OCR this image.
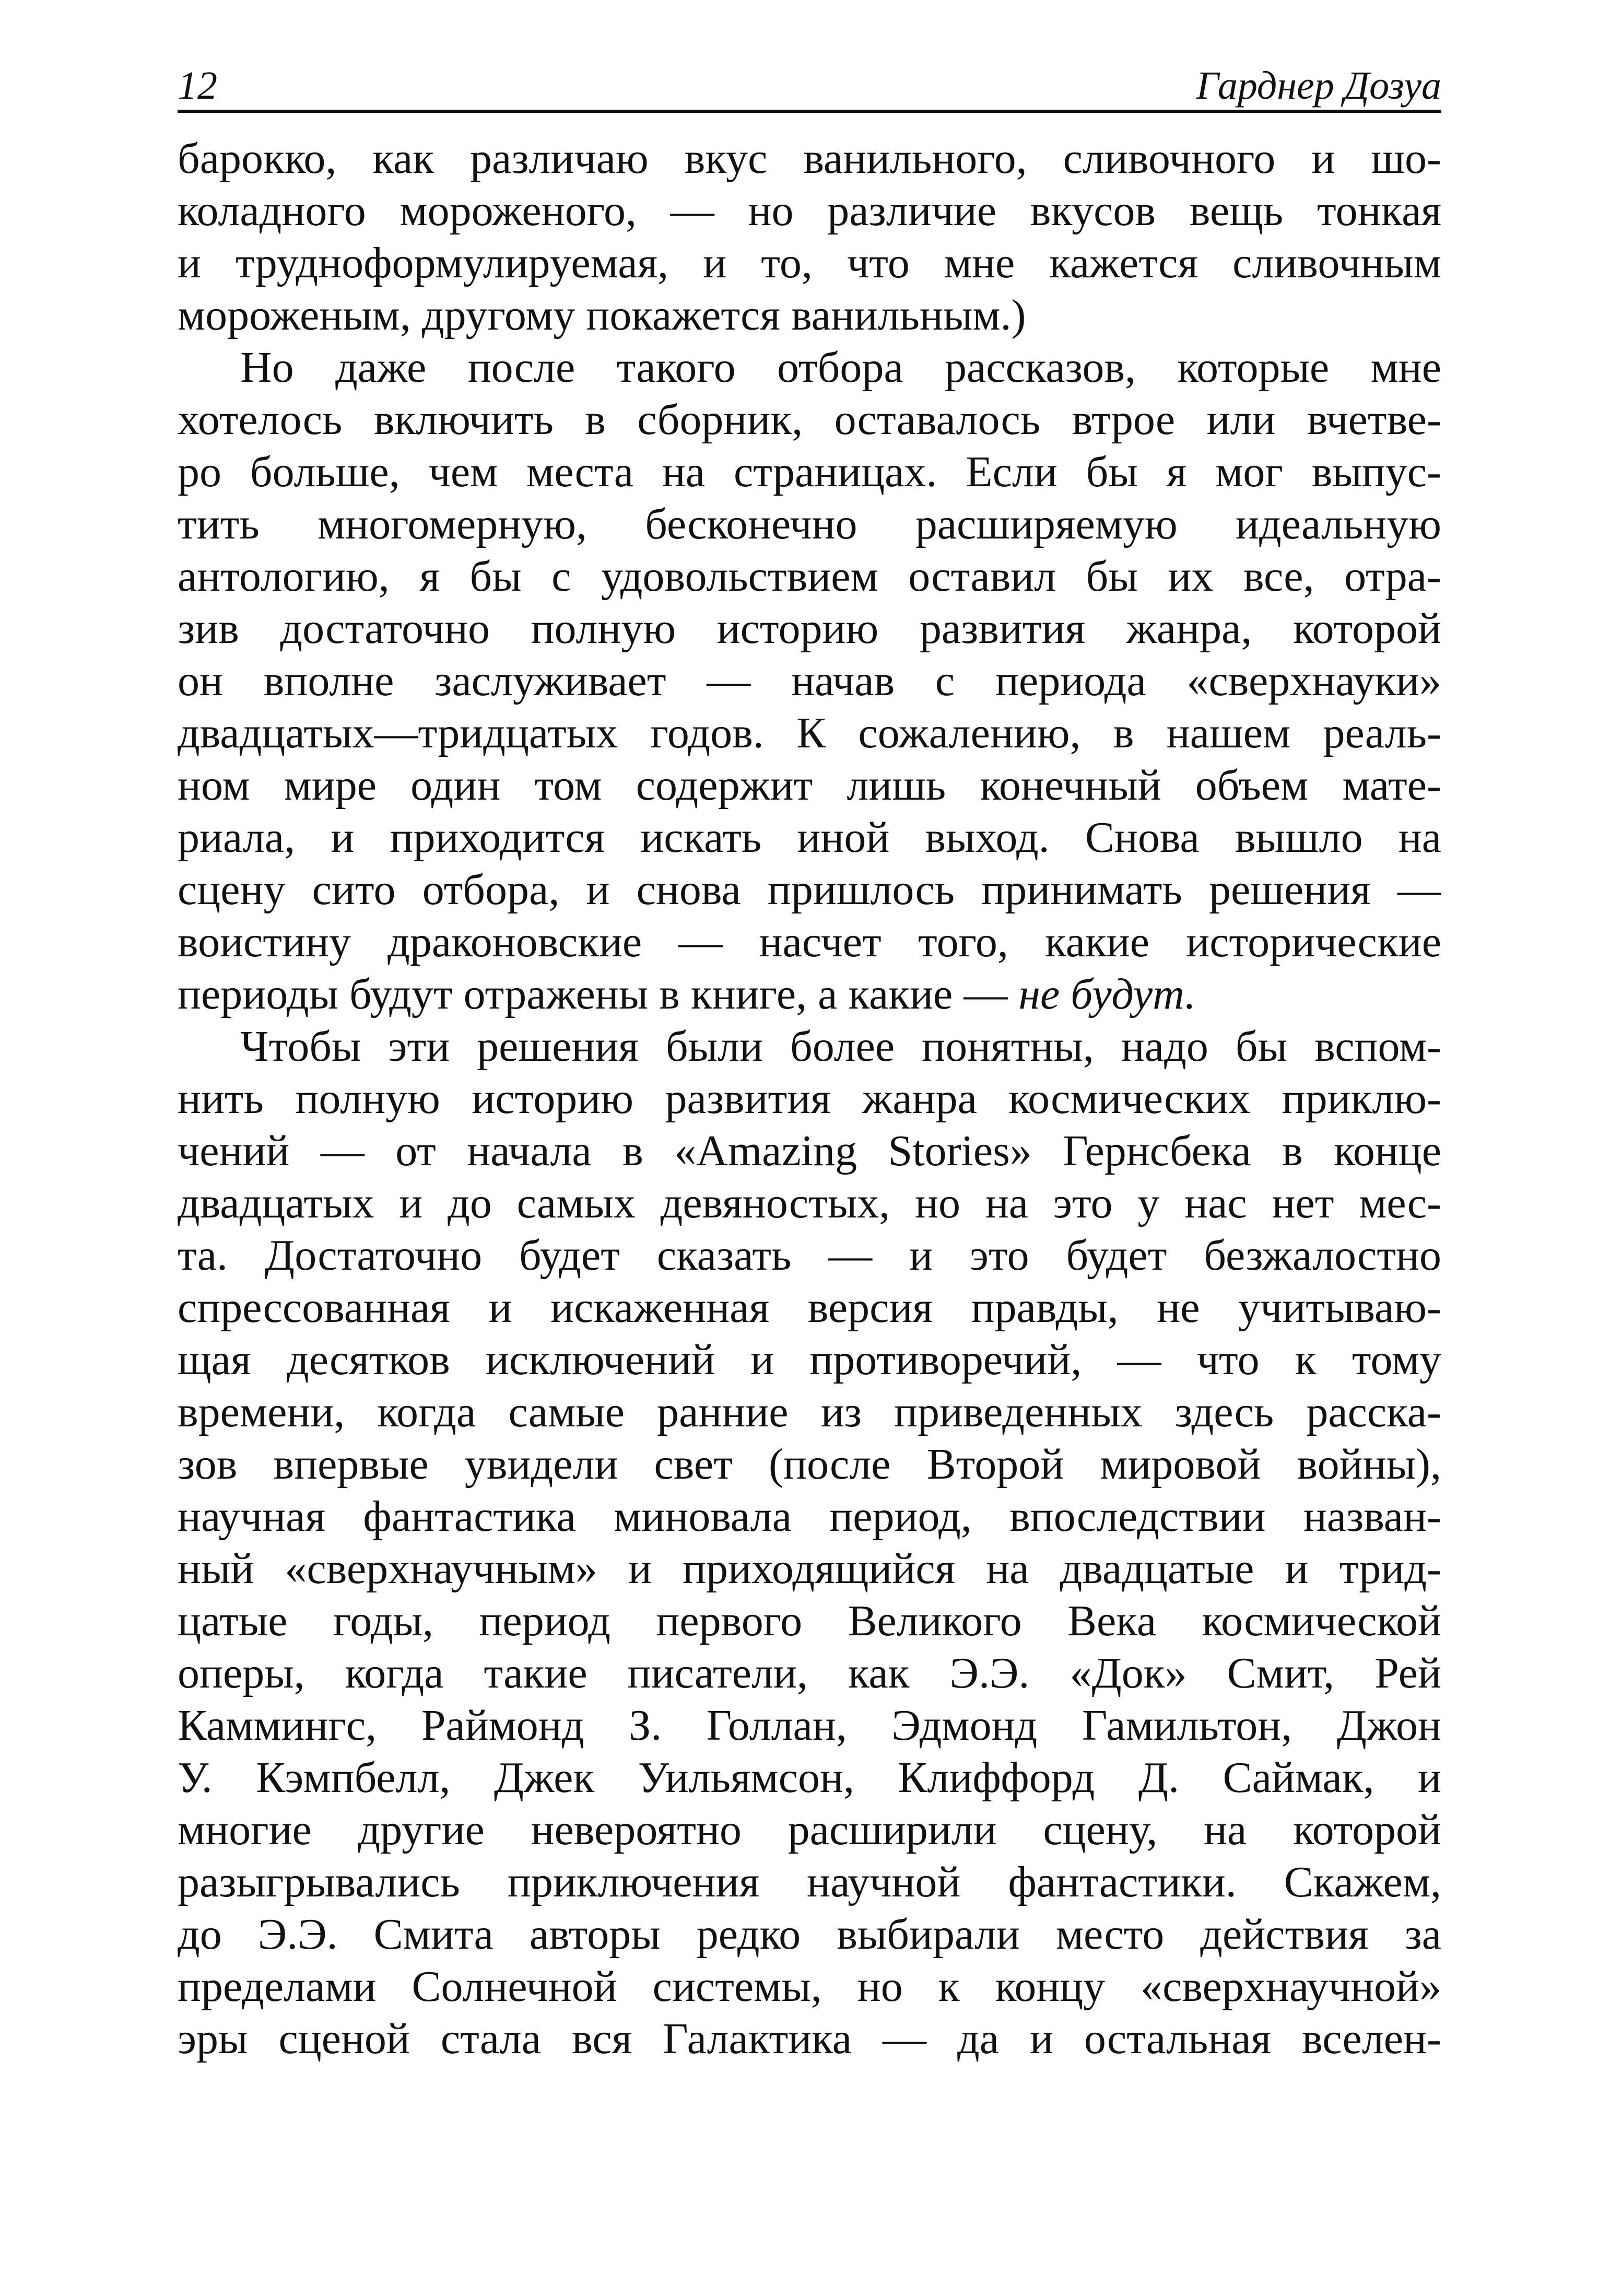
12	Гарднер Дозуа
барокко, как различаю вкус ванильного, сливочного и шо-
коладного мороженого, — но различие вкусов вещь тонкая
и трудноформулируемая, и то, что мне кажется сливочным
мороженым, другому покажется ванильным.)
Но даже после такого отбора рассказов, которые мне
хотелось включить в сборник, оставалось втрое или вчетве-
ро больше, чем места на страницах. Если бы я мог выпус-
тить многомерную, бесконечно расширяемую идеальную
антологию, я бы с удовольствием оставил бы их все, отра-
зив достаточно полную историю развития жанра, которой
он вполне заслуживает — начав с периода «сверхнауки»
двадцатых—тридцатых годов. К сожалению, в нашем реаль-
ном мире один том содержит лишь конечный объем мате-
риала, и приходится искать иной выход. Снова вышло на
сцену сито отбора, и снова пришлось принимать решения —
воистину драконовские — насчет того, какие исторические
периоды будут отражены в книге, а какие — не будут.
Чтобы эти решения были более понятны, надо бы вспом-
нить полную историю развития жанра космических приклю-
чений — от начала в «Amazing Stories» Гернсбека в конце
двадцатых и до самых девяностых, но на это у нас нет мес-
та. Достаточно будет сказать — и это будет безжалостно
спрессованная и искаженная версия правды, не учитываю-
щая десятков исключений и противоречий, — что к тому
времени, когда самые ранние из приведенных здесь расска-
зов впервые увидели свет (после Второй мировой войны),
научная фантастика миновала период, впоследствии назван-
ный «сверхнаучным» и приходящийся на двадцатые и трид-
цатые годы, период первого Великого Века космической
оперы, когда такие писатели, как Э.Э. «Док» Смит, Рей
Каммингс, Раймонд З. Голлан, Эдмонд Гамильтон, Джон
У. Кэмпбелл, Джек Уильямсон, Клиффорд Д. Саймак, и
многие другие невероятно расширили сцену, на которой
разыгрывались приключения научной фантастики. Скажем,
до Э.Э. Смита авторы редко выбирали место действия за
пределами Солнечной системы, но к концу «сверхнаучной»
эры сценой стала вся Галактика — да и остальная вселен-
